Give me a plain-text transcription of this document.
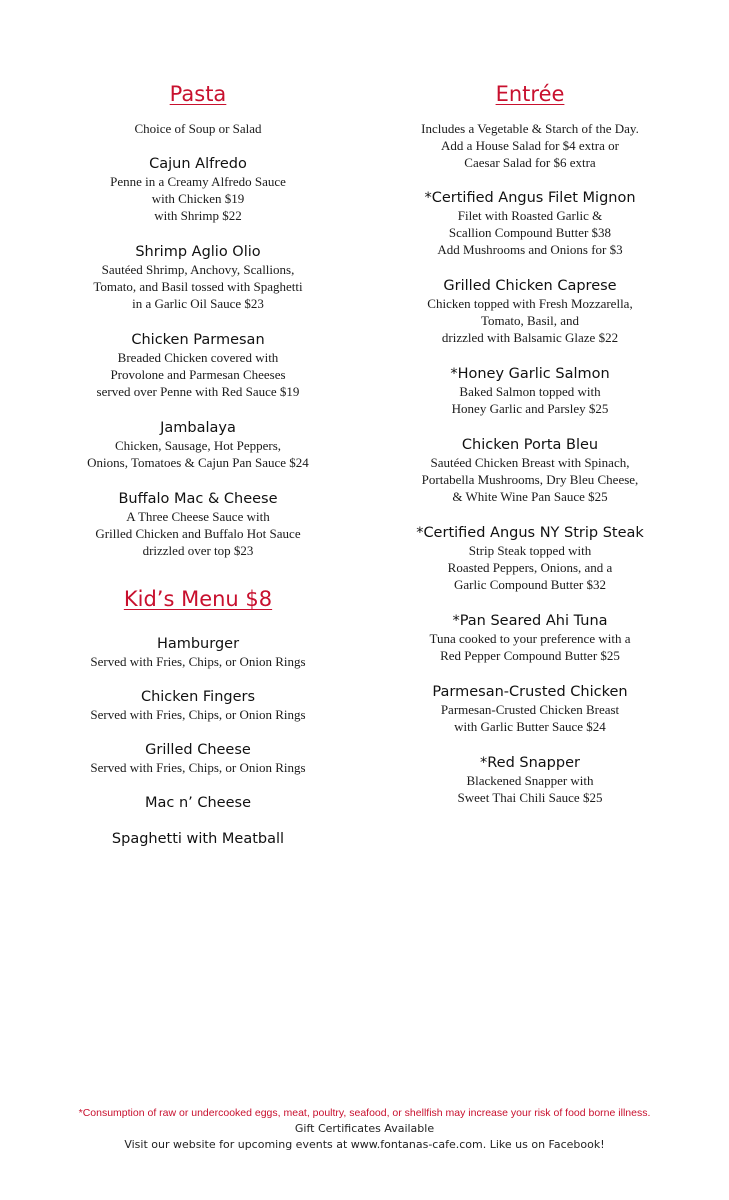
Pasta
Choice of Soup or Salad
Cajun Alfredo
Penne in a Creamy Alfredo Sauce
with Chicken $19
with Shrimp $22
Shrimp Aglio Olio
Sautéed Shrimp, Anchovy, Scallions,
Tomato, and Basil tossed with Spaghetti
in a Garlic Oil Sauce $23
Chicken Parmesan
Breaded Chicken covered with
Provolone and Parmesan Cheeses
served over Penne with Red Sauce $19
Jambalaya
Chicken, Sausage, Hot Peppers,
Onions, Tomatoes & Cajun Pan Sauce $24
Buffalo Mac & Cheese
A Three Cheese Sauce with
Grilled Chicken and Buffalo Hot Sauce
drizzled over top $23
Kid’s Menu $8
Hamburger
Served with Fries, Chips, or Onion Rings
Chicken Fingers
Served with Fries, Chips, or Onion Rings
Grilled Cheese
Served with Fries, Chips, or Onion Rings
Mac n’ Cheese
Spaghetti with Meatball
Entrée
Includes a Vegetable & Starch of the Day.
Add a House Salad for $4 extra or
Caesar Salad for $6 extra
*Certified Angus Filet Mignon
Filet with Roasted Garlic &
Scallion Compound Butter $38
Add Mushrooms and Onions for $3
Grilled Chicken Caprese
Chicken topped with Fresh Mozzarella,
Tomato, Basil, and
drizzled with Balsamic Glaze $22
*Honey Garlic Salmon
Baked Salmon topped with
Honey Garlic and Parsley $25
Chicken Porta Bleu
Sautéed Chicken Breast with Spinach,
Portabella Mushrooms, Dry Bleu Cheese,
& White Wine Pan Sauce $25
*Certified Angus NY Strip Steak
Strip Steak topped with
Roasted Peppers, Onions, and a
Garlic Compound Butter $32
*Pan Seared Ahi Tuna
Tuna cooked to your preference with a
Red Pepper Compound Butter $25
Parmesan-Crusted Chicken
Parmesan-Crusted Chicken Breast
with Garlic Butter Sauce $24
*Red Snapper
Blackened Snapper with
Sweet Thai Chili Sauce $25
*Consumption of raw or undercooked eggs, meat, poultry, seafood, or shellfish may increase your risk of food borne illness.
Gift Certificates Available
Visit our website for upcoming events at www.fontanas-cafe.com. Like us on Facebook!
